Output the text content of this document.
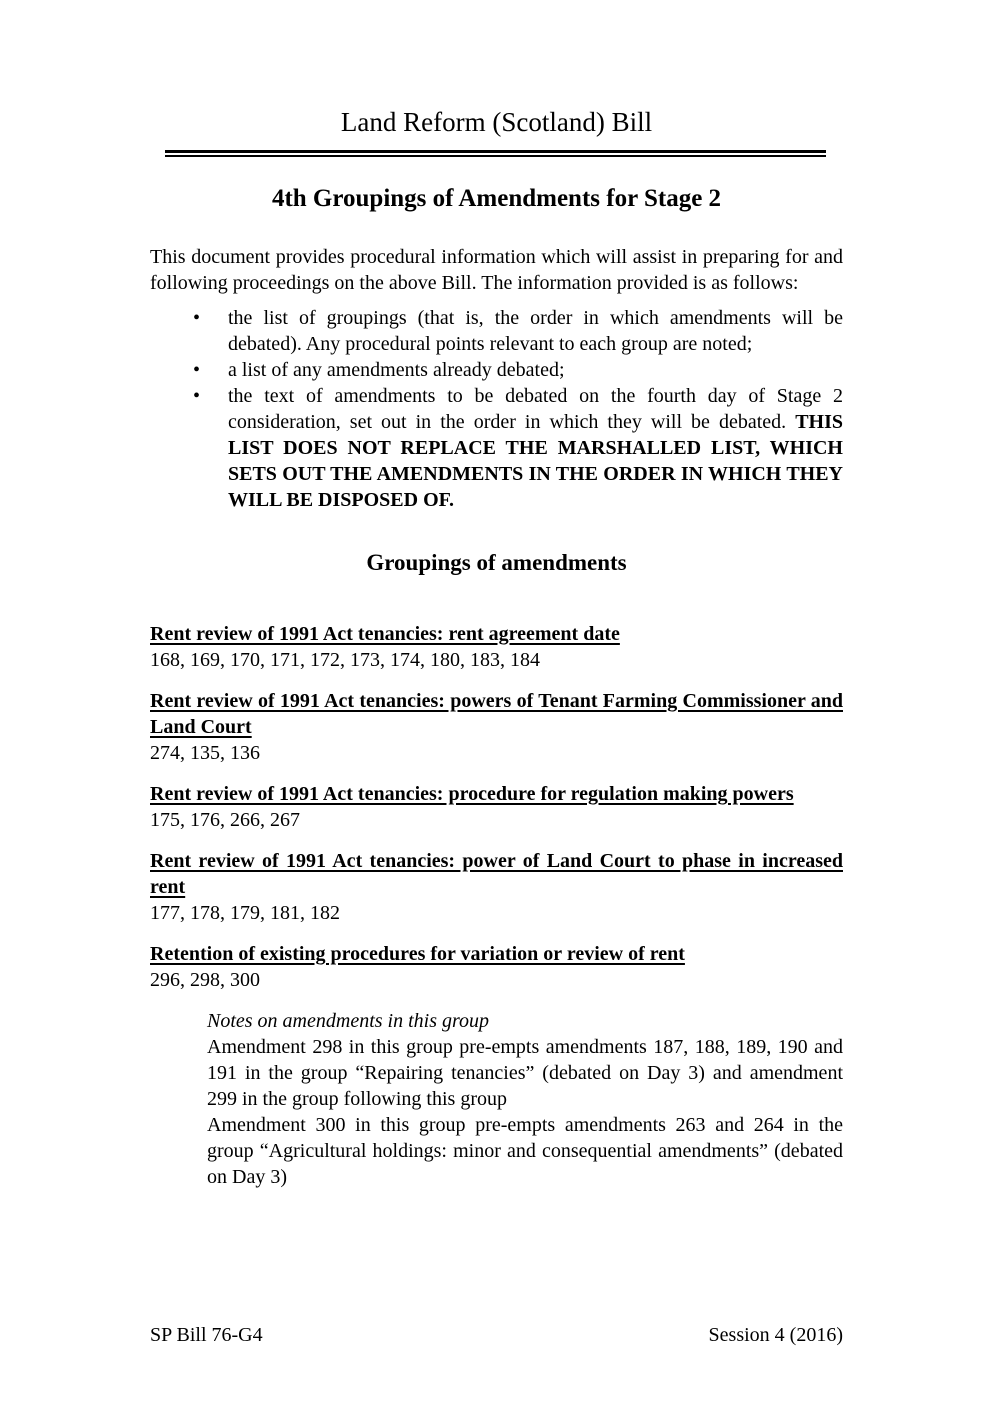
Land Reform (Scotland) Bill
4th Groupings of Amendments for Stage 2

This document provides procedural information which will assist in preparing for and following proceedings on the above Bill. The information provided is as follows:

•	the list of groupings (that is, the order in which amendments will be debated). Any procedural points relevant to each group are noted;
•	a list of any amendments already debated;
•	the text of amendments to be debated on the fourth day of Stage 2 consideration, set out in the order in which they will be debated. THIS LIST DOES NOT REPLACE THE MARSHALLED LIST, WHICH SETS OUT THE AMENDMENTS IN THE ORDER IN WHICH THEY WILL BE DISPOSED OF.
Groupings of amendments
Rent review of 1991 Act tenancies: rent agreement date
168, 169, 170, 171, 172, 173, 174, 180, 183, 184
Rent review of 1991 Act tenancies: powers of Tenant Farming Commissioner and Land Court
274, 135, 136
Rent review of 1991 Act tenancies: procedure for regulation making powers
175, 176, 266, 267
Rent review of 1991 Act tenancies: power of Land Court to phase in increased rent
177, 178, 179, 181, 182
Retention of existing procedures for variation or review of rent
296, 298, 300
Notes on amendments in this group

Amendment 298 in this group pre-empts amendments 187, 188, 189, 190 and 191 in the group “Repairing tenancies” (debated on Day 3) and amendment 299 in the group following this group

Amendment 300 in this group pre-empts amendments 263 and 264 in the group “Agricultural holdings: minor and consequential amendments” (debated on Day 3)

SP Bill 76-G4	Session 4 (2016)
